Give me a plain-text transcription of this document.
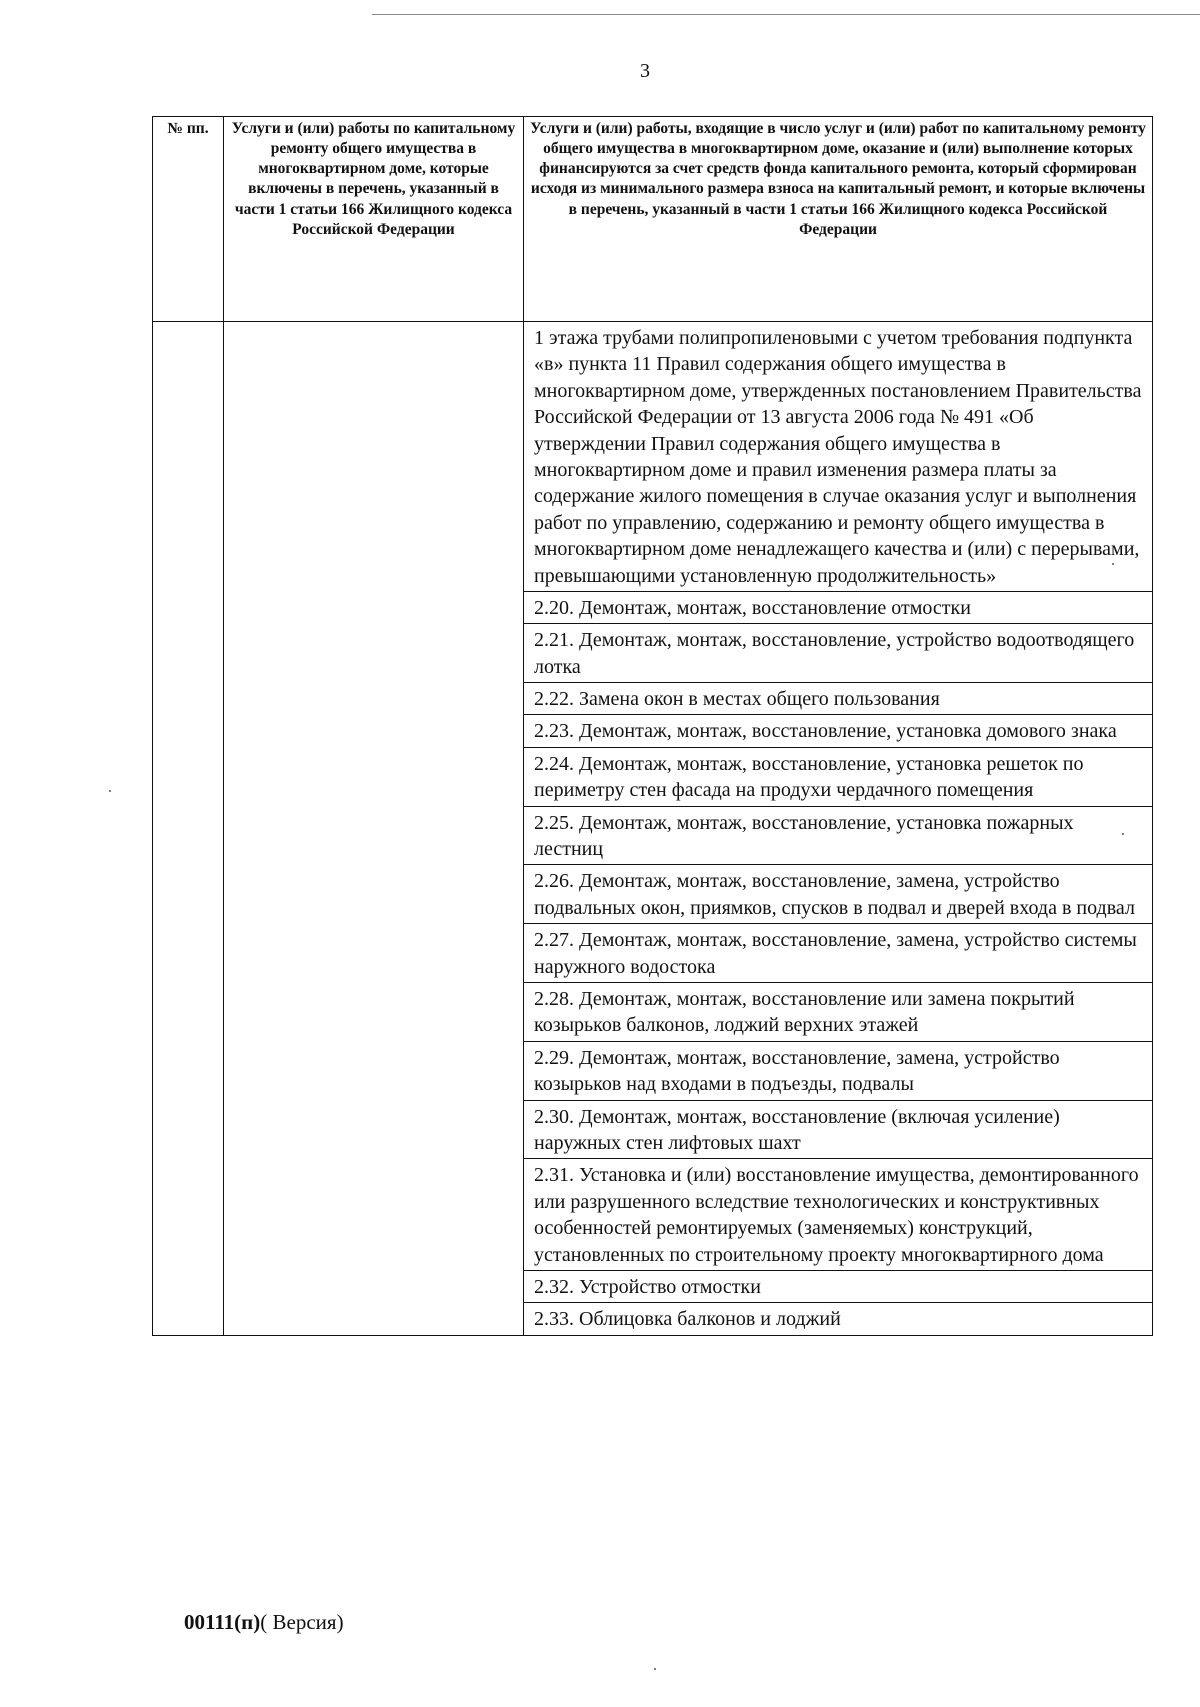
3
№ пп.	Услуги и (или) работы по капитальному ремонту общего имущества в многоквартирном доме, которые включены в перечень, указанный в части 1 статьи 166 Жилищного кодекса Российской Федерации	Услуги и (или) работы, входящие в число услуг и (или) работ по капитальному ремонту общего имущества в многоквартирном доме, оказание и (или) выполнение которых финансируются за счет средств фонда капитального ремонта, который сформирован исходя из минимального размера взноса на капитальный ремонт, и которые включены в перечень, указанный в части 1 статьи 166 Жилищного кодекса Российской Федерации
		1 этажа трубами полипропиленовыми с учетом требования подпункта «в» пункта 11 Правил содержания общего имущества в многоквартирном доме, утвержденных постановлением Правительства Российской Федерации от 13 августа 2006 года № 491 «Об утверждении Правил содержания общего имущества в многоквартирном доме и правил изменения размера платы за содержание жилого помещения в случае оказания услуг и выполнения работ по управлению, содержанию и ремонту общего имущества в многоквартирном доме ненадлежащего качества и (или) с перерывами, превышающими установленную продолжительность»
		2.20. Демонтаж, монтаж, восстановление отмостки
		2.21. Демонтаж, монтаж, восстановление, устройство водоотводящего лотка
		2.22. Замена окон в местах общего пользования
		2.23. Демонтаж, монтаж, восстановление, установка домового знака
		2.24. Демонтаж, монтаж, восстановление, установка решеток по периметру стен фасада на продухи чердачного помещения
		2.25. Демонтаж, монтаж, восстановление, установка пожарных лестниц
		2.26. Демонтаж, монтаж, восстановление, замена, устройство подвальных окон, приямков, спусков в подвал и дверей входа в подвал
		2.27. Демонтаж, монтаж, восстановление, замена, устройство системы наружного водостока
		2.28. Демонтаж, монтаж, восстановление или замена покрытий козырьков балконов, лоджий верхних этажей
		2.29. Демонтаж, монтаж, восстановление, замена, устройство козырьков над входами в подъезды, подвалы
		2.30. Демонтаж, монтаж, восстановление (включая усиление) наружных стен лифтовых шахт
		2.31. Установка и (или) восстановление имущества, демонтированного или разрушенного вследствие технологических и конструктивных особенностей ремонтируемых (заменяемых) конструкций, установленных по строительному проекту многоквартирного дома
		2.32. Устройство отмостки
		2.33. Облицовка балконов и лоджий
00111(п)( Версия)
